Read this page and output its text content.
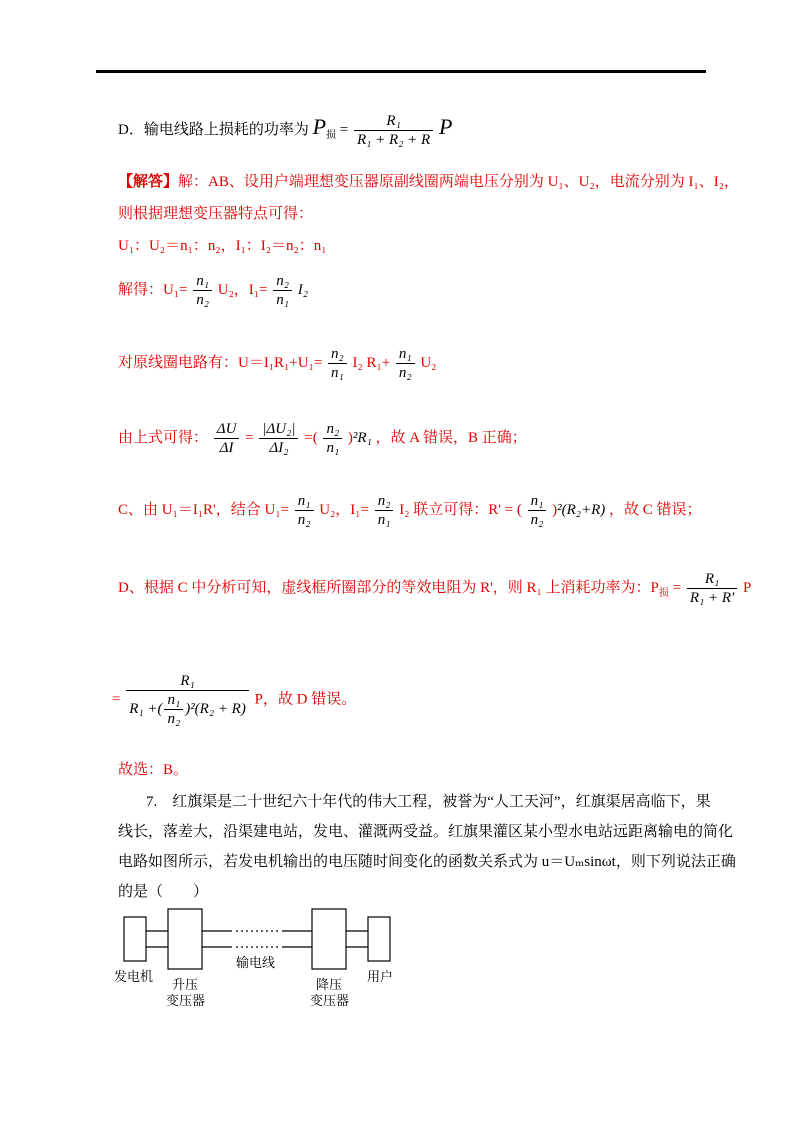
D．输电线路上损耗的功率为 $P_损 = \frac{\text{R₁}}{\text{R₁ + R₂ + R}}$ P
【解答】解：AB、设用户端理想变压器原副线圈两端电压分别为 U₁、U₂，电流分别为 I₁、I₂，
则根据理想变压器特点可得：
U₁：U₂＝n₁：n₂，I₁：I₂＝n₂：n₁
解得：$U_1= \frac{\text{n₁}}{\text{n₂}} U_2$，$I_1= \frac{\text{n₂}}{\text{n₁}} I_2$
对原线圈电路有：$U=I_1R_1+U_1= \frac{\text{n₂}}{\text{n₁}} I_2$ $R_1+ \frac{\text{n₁}}{\text{n₂}} U_2$
由上式可得： $\frac{\Delta U}{\Delta I} = \frac{\text{|ΔU₂|}}{\text{ΔI₂}}$ =( $\frac{\text{n₂}}{\text{n₁}} )^2R_1$ ，故 A 错误，B 正确；
C、由 U₁＝I₁R'，结合 $U_1= \frac{\text{n₁}}{\text{n₂}} U_2$，$I_1= \frac{\text{n₂}}{\text{n₁}} I_2$ 联立可得：R' = ( $\frac{\text{n₁}}{\text{n₂}} )^2(R_2+R)$ ，故 C 错误；
D、根据 C 中分析可知，虚线框所圈部分的等效电阻为 R'，则 R₁ 上消耗功率为：$P_损 = \frac{\text{R₁}}{\text{R₁ + R'}}$ P
= $\frac{\text{R₁}}{R_1 +( \frac{\text{n₁}}{\text{n₂}} )^2(R_2 + R)}$ P，故 D 错误。
故选：B。
7.　红旗渠是二十世纪六十年代的伟大工程，被誉为“人工天河”，红旗渠居高临下，果
线长，落差大，沿渠建电站，发电、灌溉两受益。红旗果灌区某小型水电站远距离输电的简化
电路如图所示，若发电机输出的电压随时间变化的函数关系式为 u＝Uₘsinωt，则下列说法正确
的是（　　）
发电机
升压
变压器
输电线
降压
变压器
用户
